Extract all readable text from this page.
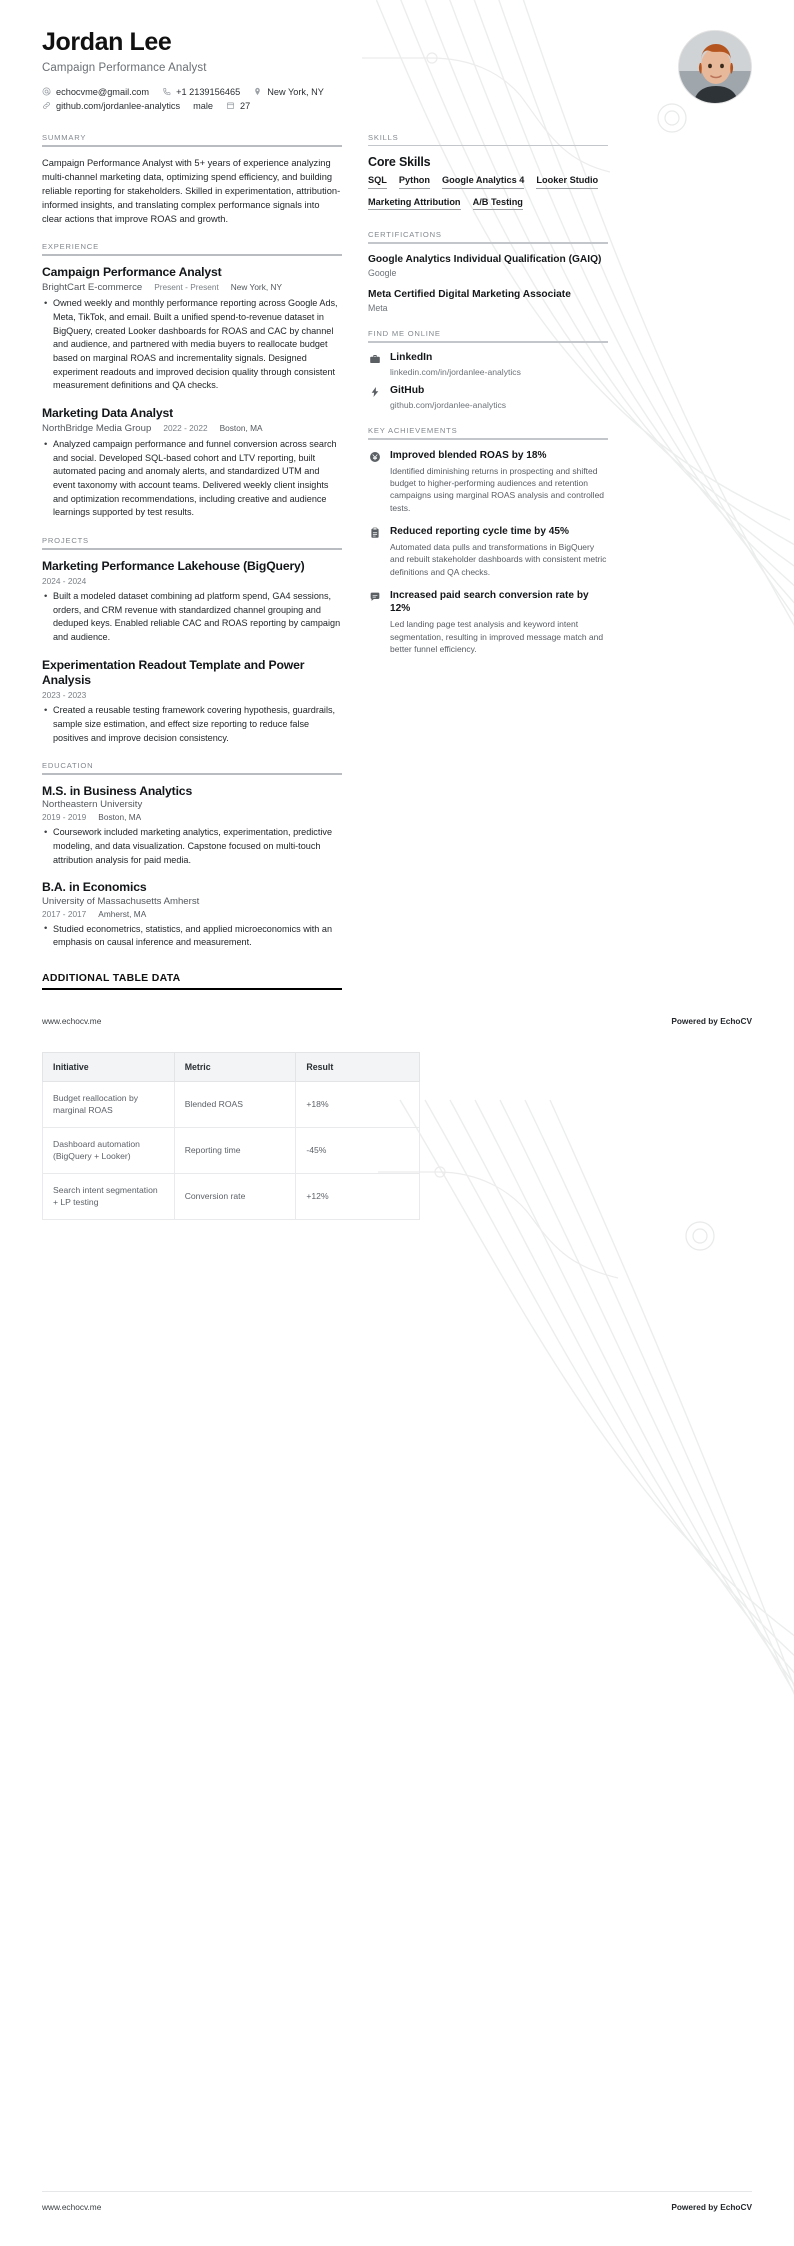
Jordan Lee
Campaign Performance Analyst
echocvme@gmail.com	+1 2139156465	New York, NY
github.com/jordanlee-analytics male	27
SUMMARY
Campaign Performance Analyst with 5+ years of experience analyzing multi-channel marketing data, optimizing spend efficiency, and building reliable reporting for stakeholders. Skilled in experimentation, attribution-informed insights, and translating complex performance signals into clear actions that improve ROAS and growth.
EXPERIENCE
Campaign Performance Analyst
BrightCart E-commerce Present - Present New York, NY
• Owned weekly and monthly performance reporting across Google Ads, Meta, TikTok, and email. Built a unified spend-to-revenue dataset in BigQuery, created Looker dashboards for ROAS and CAC by channel and audience, and partnered with media buyers to reallocate budget based on marginal ROAS and incrementality signals. Designed experiment readouts and improved decision quality through consistent measurement definitions and QA checks.
Marketing Data Analyst
NorthBridge Media Group 2022 - 2022 Boston, MA
• Analyzed campaign performance and funnel conversion across search and social. Developed SQL-based cohort and LTV reporting, built automated pacing and anomaly alerts, and standardized UTM and event taxonomy with account teams. Delivered weekly client insights and optimization recommendations, including creative and audience learnings supported by test results.
PROJECTS
Marketing Performance Lakehouse (BigQuery)
2024 - 2024
• Built a modeled dataset combining ad platform spend, GA4 sessions, orders, and CRM revenue with standardized channel grouping and deduped keys. Enabled reliable CAC and ROAS reporting by campaign and audience.
Experimentation Readout Template and Power Analysis
2023 - 2023
• Created a reusable testing framework covering hypothesis, guardrails, sample size estimation, and effect size reporting to reduce false positives and improve decision consistency.
EDUCATION
M.S. in Business Analytics
Northeastern University
2019 - 2019 Boston, MA
• Coursework included marketing analytics, experimentation, predictive modeling, and data visualization. Capstone focused on multi-touch attribution analysis for paid media.
B.A. in Economics
University of Massachusetts Amherst
2017 - 2017 Amherst, MA
• Studied econometrics, statistics, and applied microeconomics with an emphasis on causal inference and measurement.
SKILLS
Core Skills
SQL Python Google Analytics 4 Looker Studio
Marketing Attribution A/B Testing
CERTIFICATIONS
Google Analytics Individual Qualification (GAIQ)
Google
Meta Certified Digital Marketing Associate
Meta
FIND ME ONLINE
LinkedIn
linkedin.com/in/jordanlee-analytics
GitHub
github.com/jordanlee-analytics
KEY ACHIEVEMENTS
Improved blended ROAS by 18%
Identified diminishing returns in prospecting and shifted budget to higher-performing audiences and retention campaigns using marginal ROAS analysis and controlled tests.
Reduced reporting cycle time by 45%
Automated data pulls and transformations in BigQuery and rebuilt stakeholder dashboards with consistent metric definitions and QA checks.
Increased paid search conversion rate by 12%
Led landing page test analysis and keyword intent segmentation, resulting in improved message match and better funnel efficiency.
ADDITIONAL TABLE DATA
www.echocv.me	Powered by EchoCV
Initiative	Metric	Result
Budget reallocation by marginal ROAS	Blended ROAS	+18%
Dashboard automation (BigQuery + Looker)	Reporting time	-45%
Search intent segmentation + LP testing	Conversion rate	+12%
www.echocv.me	Powered by EchoCV
